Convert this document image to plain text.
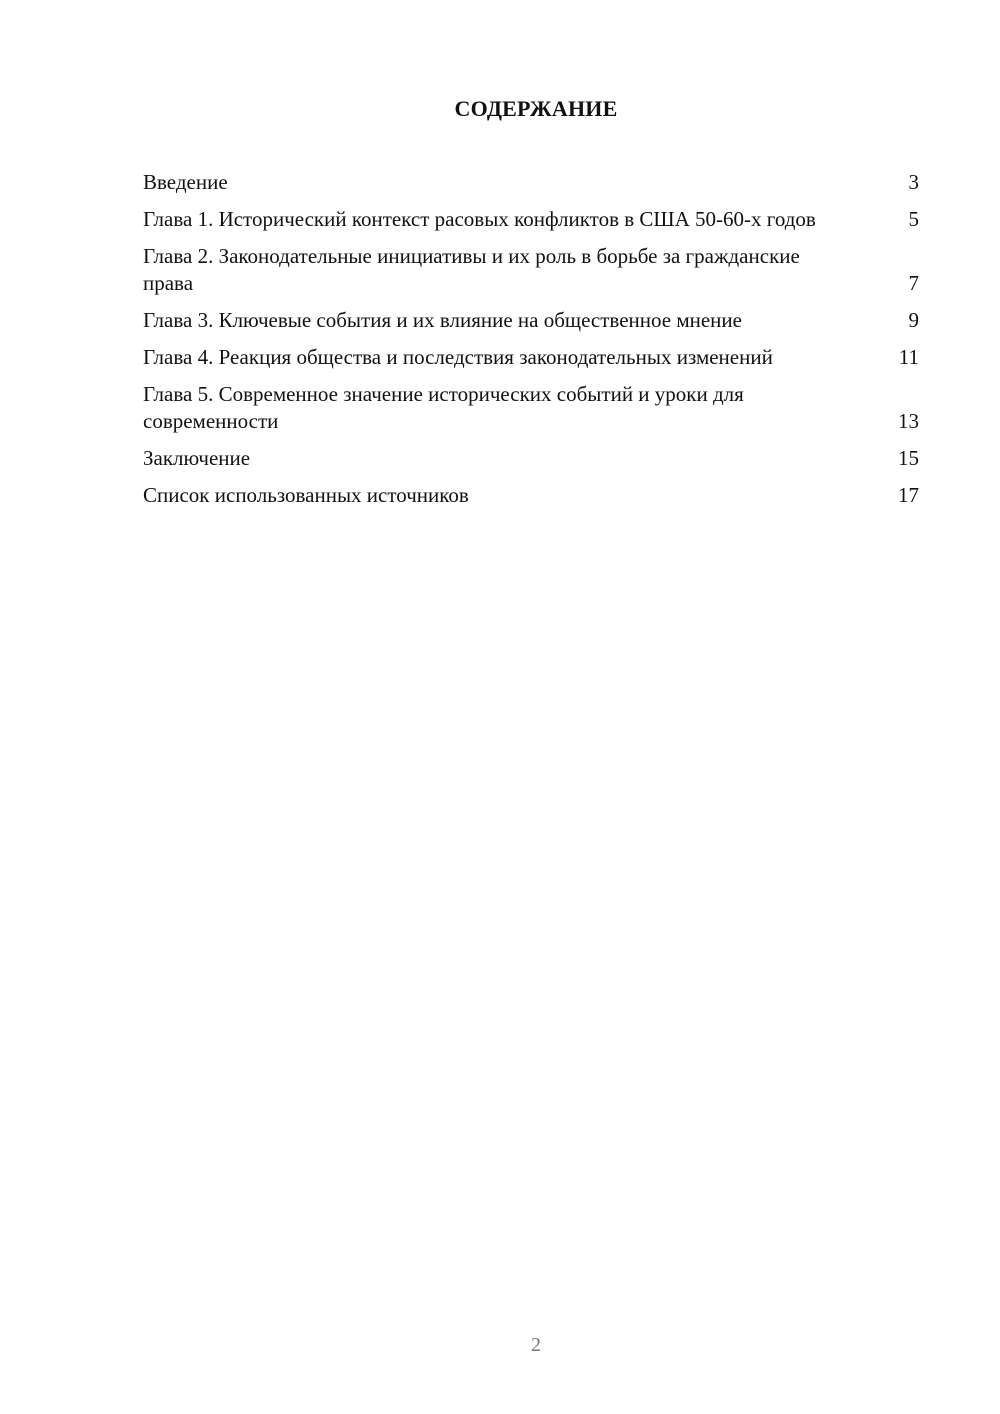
СОДЕРЖАНИЕ
Введение	3
Глава 1. Исторический контекст расовых конфликтов в США 50-60-х годов	5
Глава 2. Законодательные инициативы и их роль в борьбе за гражданские права	7
Глава 3. Ключевые события и их влияние на общественное мнение	9
Глава 4. Реакция общества и последствия законодательных изменений	11
Глава 5. Современное значение исторических событий и уроки для современности	13
Заключение	15
Список использованных источников	17
2
